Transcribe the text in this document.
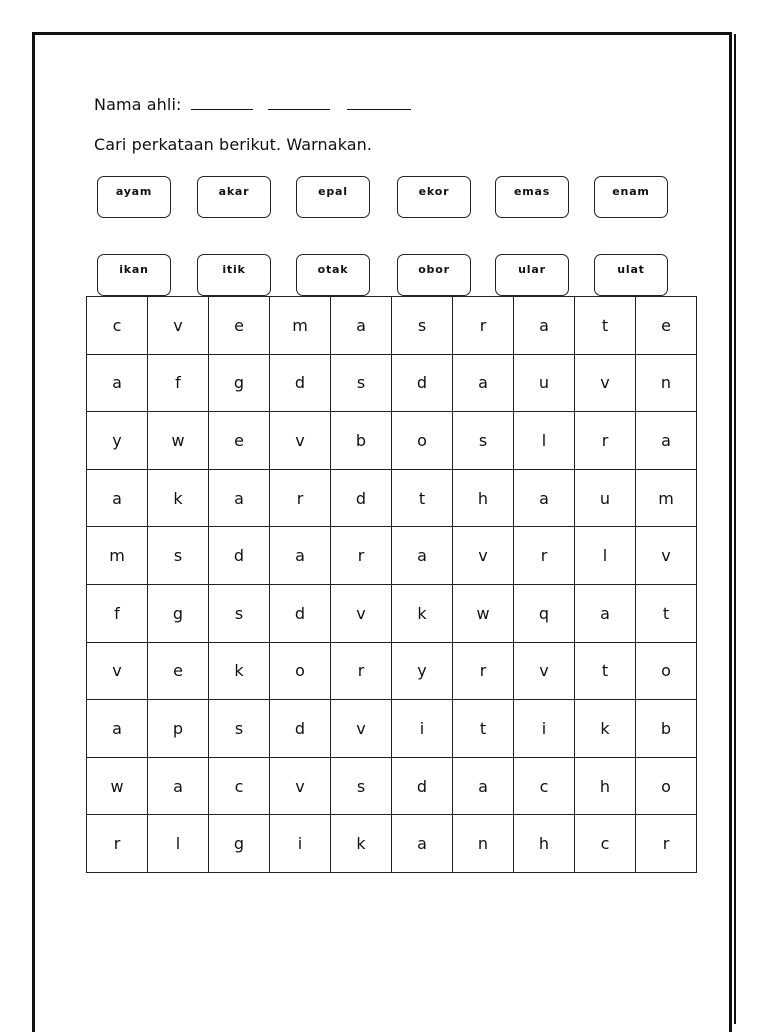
Nama ahli:
Cari perkataan berikut. Warnakan.
ayam	akar	epal	ekor	emas	enam
ikan	itik	otak	obor	ular	ulat
c	v	e	m	a	s	r	a	t	e
a	f	g	d	s	d	a	u	v	n
y	w	e	v	b	o	s	l	r	a
a	k	a	r	d	t	h	a	u	m
m	s	d	a	r	a	v	r	l	v
f	g	s	d	v	k	w	q	a	t
v	e	k	o	r	y	r	v	t	o
a	p	s	d	v	i	t	i	k	b
w	a	c	v	s	d	a	c	h	o
r	l	g	i	k	a	n	h	c	r
